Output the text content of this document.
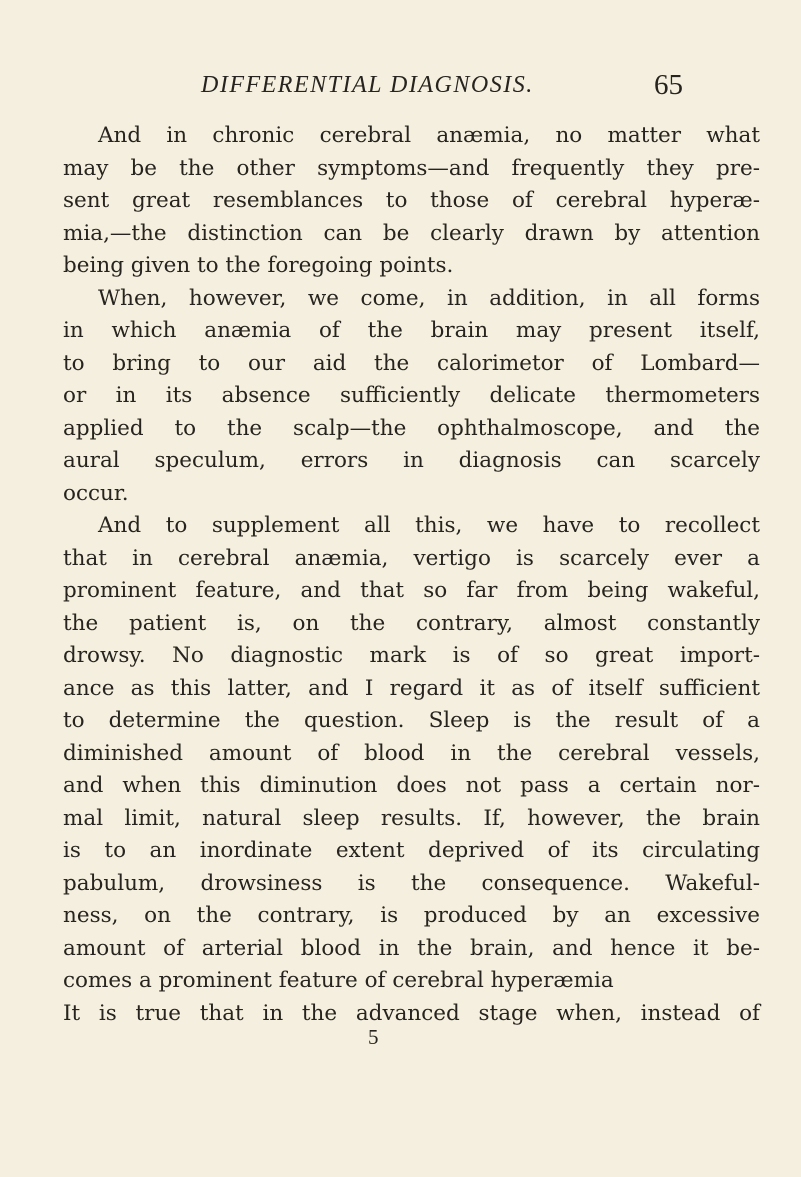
DIFFERENTIAL DIAGNOSIS.	65
And in chronic cerebral anæmia, no matter what
may be the other symptoms—and frequently they pre-
sent great resemblances to those of cerebral hyperæ-
mia,—the distinction can be clearly drawn by attention
being given to the foregoing points.
When, however, we come, in addition, in all forms
in which anæmia of the brain may present itself,
to bring to our aid the calorimetor of Lombard—
or in its absence sufficiently delicate thermometers
applied to the scalp—the ophthalmoscope, and the
aural speculum, errors in diagnosis can scarcely
occur.
And to supplement all this, we have to recollect
that in cerebral anæmia, vertigo is scarcely ever a
prominent feature, and that so far from being wakeful,
the patient is, on the contrary, almost constantly
drowsy. No diagnostic mark is of so great import-
ance as this latter, and I regard it as of itself sufficient
to determine the question. Sleep is the result of a
diminished amount of blood in the cerebral vessels,
and when this diminution does not pass a certain nor-
mal limit, natural sleep results. If, however, the brain
is to an inordinate extent deprived of its circulating
pabulum, drowsiness is the consequence. Wakeful-
ness, on the contrary, is produced by an excessive
amount of arterial blood in the brain, and hence it be-
comes a prominent feature of cerebral hyperæmia
It is true that in the advanced stage when, instead of
5
